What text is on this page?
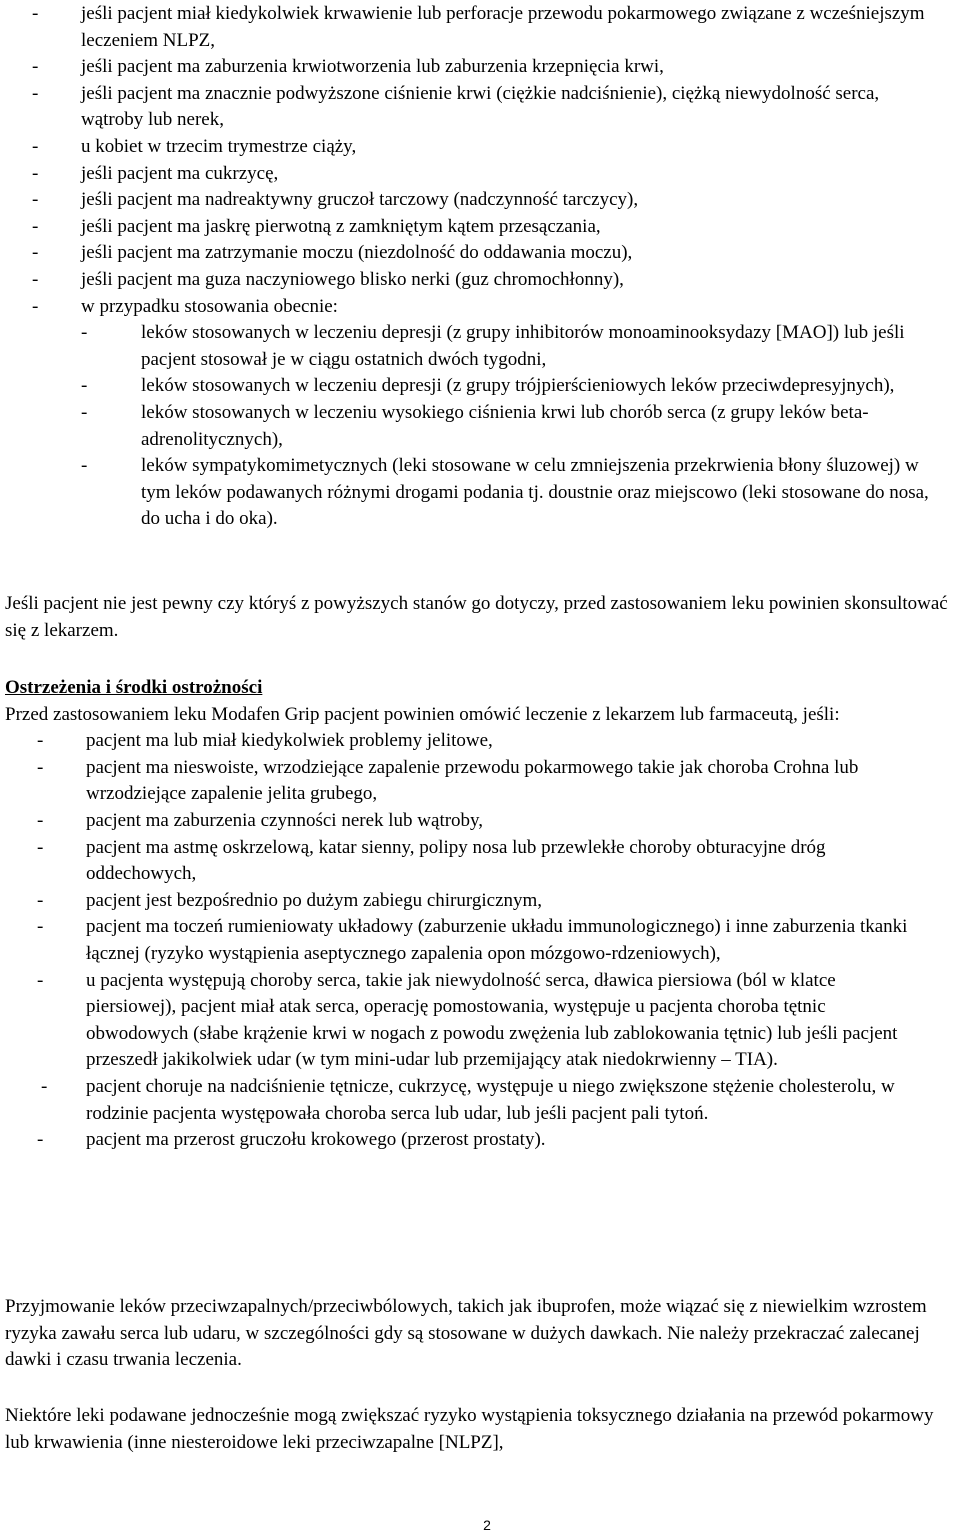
- jeśli pacjent miał kiedykolwiek krwawienie lub perforacje przewodu pokarmowego związane z wcześniejszym leczeniem NLPZ,
- jeśli pacjent ma zaburzenia krwiotworzenia lub zaburzenia krzepnięcia krwi,
- jeśli pacjent ma znacznie podwyższone ciśnienie krwi (ciężkie nadciśnienie), ciężką niewydolność serca, wątroby lub nerek,
- u kobiet w trzecim trymestrze ciąży,
- jeśli pacjent ma cukrzycę,
- jeśli pacjent ma nadreaktywny gruczoł tarczowy (nadczynność tarczycy),
- jeśli pacjent ma jaskrę pierwotną z zamkniętym kątem przesączania,
- jeśli pacjent ma zatrzymanie moczu (niezdolność do oddawania moczu),
- jeśli pacjent ma guza naczyniowego blisko nerki (guz chromochłonny),
- w przypadku stosowania obecnie:
-	leków stosowanych w leczeniu depresji (z grupy inhibitorów monoaminooksydazy [MAO]) lub jeśli pacjent stosował je w ciągu ostatnich dwóch tygodni,
-	leków stosowanych w leczeniu depresji (z grupy trójpierścieniowych leków przeciwdepresyjnych),
-	leków stosowanych w leczeniu wysokiego ciśnienia krwi lub chorób serca (z grupy leków beta-adrenolitycznych),
-	leków sympatykomimetycznych (leki stosowane w celu zmniejszenia przekrwienia błony śluzowej) w tym leków podawanych różnymi drogami podania tj. doustnie oraz miejscowo (leki stosowane do nosa, do ucha i do oka).

Jeśli pacjent nie jest pewny czy któryś z powyższych stanów go dotyczy, przed zastosowaniem leku powinien skonsultować się z lekarzem.

Ostrzeżenia i środki ostrożności

Przed zastosowaniem leku Modafen Grip pacjent powinien omówić leczenie z lekarzem lub farmaceutą, jeśli:

- pacjent ma lub miał kiedykolwiek problemy jelitowe,
- pacjent ma nieswoiste, wrzodziejące zapalenie przewodu pokarmowego takie jak choroba Crohna lub wrzodziejące zapalenie jelita grubego,
- pacjent ma zaburzenia czynności nerek lub wątroby,
- pacjent ma astmę oskrzelową, katar sienny, polipy nosa lub przewlekłe choroby obturacyjne dróg oddechowych,
- pacjent jest bezpośrednio po dużym zabiegu chirurgicznym,
- pacjent ma toczeń rumieniowaty układowy (zaburzenie układu immunologicznego) i inne zaburzenia tkanki łącznej (ryzyko wystąpienia aseptycznego zapalenia opon mózgowo-rdzeniowych),
- u pacjenta występują choroby serca, takie jak niewydolność serca, dławica piersiowa (ból w klatce piersiowej), pacjent miał atak serca, operację pomostowania, występuje u pacjenta choroba tętnic obwodowych (słabe krążenie krwi w nogach z powodu zwężenia lub zablokowania tętnic) lub jeśli pacjent przeszedł jakikolwiek udar (w tym mini-udar lub przemijający atak niedokrwienny – TIA).
- pacjent choruje na nadciśnienie tętnicze, cukrzycę, występuje u niego zwiększone stężenie cholesterolu, w rodzinie pacjenta występowała choroba serca lub udar, lub jeśli pacjent pali tytoń.
- pacjent ma przerost gruczołu krokowego (przerost prostaty).

Przyjmowanie leków przeciwzapalnych/przeciwbólowych, takich jak ibuprofen, może wiązać się z niewielkim wzrostem ryzyka zawału serca lub udaru, w szczególności gdy są stosowane w dużych dawkach. Nie należy przekraczać zalecanej dawki i czasu trwania leczenia.

Niektóre leki podawane jednocześnie mogą zwiększać ryzyko wystąpienia toksycznego działania na przewód pokarmowy lub krwawienia (inne niesteroidowe leki przeciwzapalne [NLPZ],

2
